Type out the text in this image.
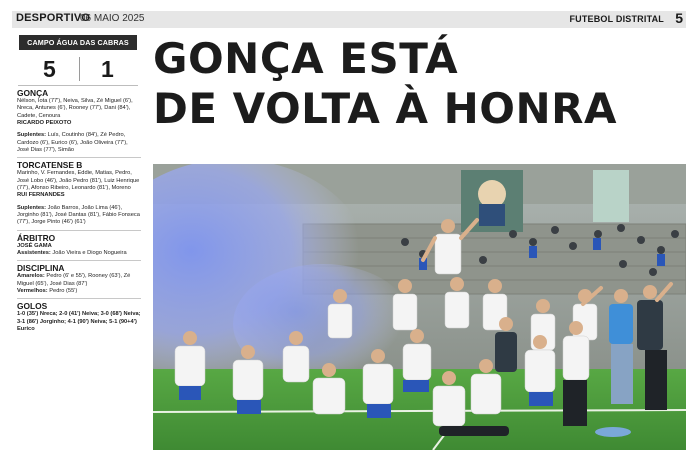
DESPORTIVO
06 MAIO 2025	FUTEBOL DISTRITAL 5
CAMPO ÁGUA DAS CABRAS
5 1
GONÇA

Nélson, Iota (77'), Neiva, Silva, Zé Miguel (6'), Nreca, Antunes (6'), Rooney (77'), Dani (84'), Cadete, Cenoura

RICARDO PEIXOTO

Suplentes: Luís, Coutinho (84'), Zé Pedro, Cardozo (6'), Eurico (6'), João Oliveira (77'), José Dias (77'), Simão

TORCATENSE B

Marinho, V. Fernandes, Eddie, Matias, Pedro, José Lobo (46'), João Pedro (81'), Luiz Henrique (77'), Afonso Ribeiro, Leonardo (81'), Moreno

RUI FERNANDES

Suplentes: João Barros, João Lima (46'), Jorginho (81'), José Dantas (81'), Fábio Fonseca (77'), Jorge Pinto (46') (61')

ÁRBITRO

JOSÉ GAMA

Assistentes: João Vieira e Diogo Nogueira

DISCIPLINA

Amarelos: Pedro (6' e 55'), Rooney (63'), Zé Miguel (65'), José Dias (87')

Vermelhos: Pedro (55')

GOLOS

1-0 (35') Nreca; 2-0 (41') Neiva; 3-0 (68') Neiva; 3-1 (86') Jorginho; 4-1 (90') Neiva; 5-1 (90+4') Eurico

GONÇA ESTÁ
DE VOLTA À HONRA
